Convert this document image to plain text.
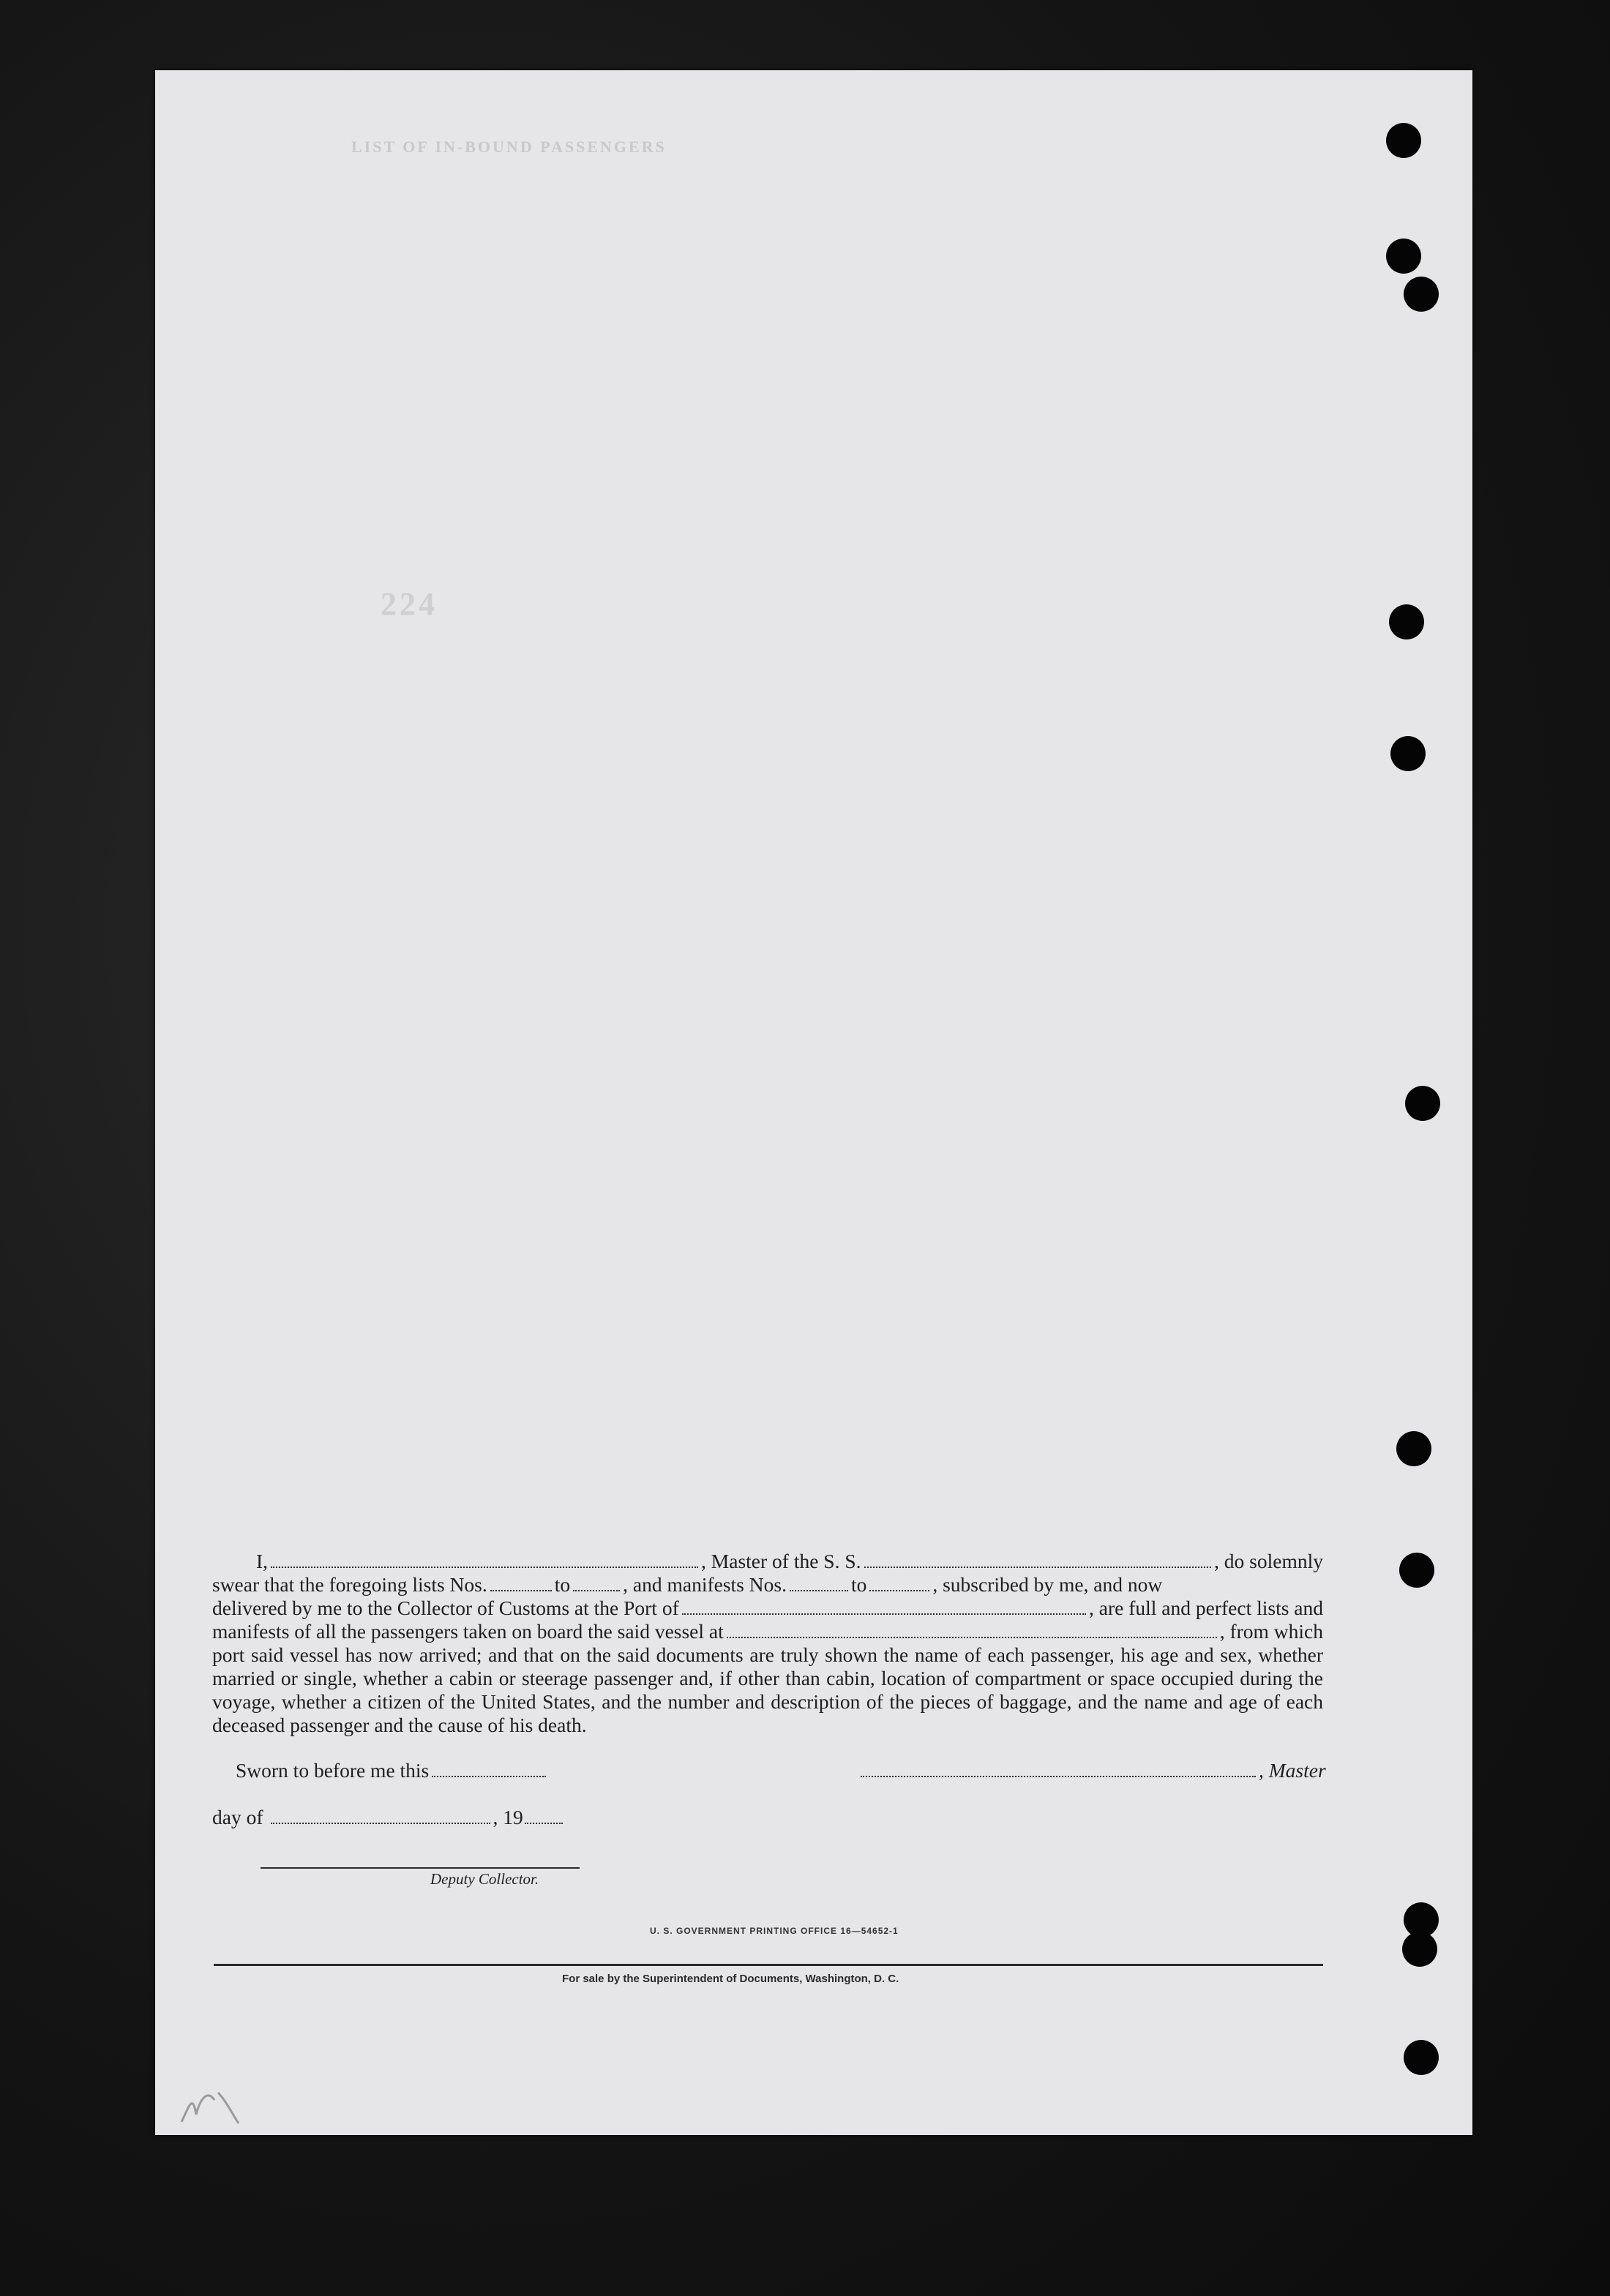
LIST OF IN-BOUND PASSENGERS
224
I,	, Master of the S. S.	, do solemnly
swear that the foregoing lists Nos.	to	, and manifests Nos.	to	, subscribed by me, and now
delivered by me to the Collector of Customs at the Port of	, are full and perfect lists and
manifests of all the passengers taken on board the said vessel at	, from which
port said vessel has now arrived; and that on the said documents are truly shown the name of each passenger, his age and sex, whether married or single, whether a cabin or steerage passenger and, if other than cabin, location of compartment or space occupied during the voyage, whether a citizen of the United States, and the number and description of the pieces of baggage, and the name and age of each deceased passenger and the cause of his death.
Sworn to before me this	, Master
day of	, 19
Deputy Collector.
U. S. GOVERNMENT PRINTING OFFICE 16—54652-1
For sale by the Superintendent of Documents, Washington, D. C.
